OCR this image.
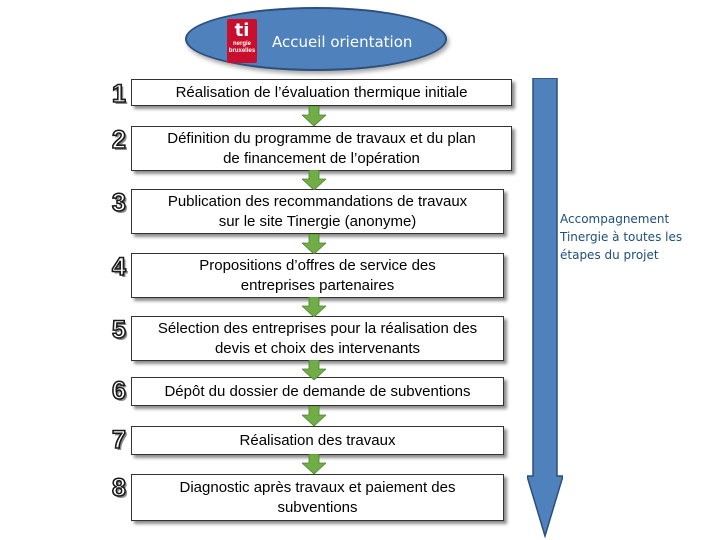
ti
nergie
bruxelles Accueil orientation
1
2
3
4
5
6
7
8
Réalisation de l’évaluation thermique initiale
Définition du programme de travaux et du plan
de financement de l’opération
Publication des recommandations de travaux
sur le site Tinergie (anonyme)
Propositions d’offres de service des
entreprises partenaires
Sélection des entreprises pour la réalisation des
devis et choix des intervenants
Dépôt du dossier de demande de subventions
Réalisation des travaux
Diagnostic après travaux et paiement des
subventions
Accompagnement
Tinergie à toutes les
étapes du projet
